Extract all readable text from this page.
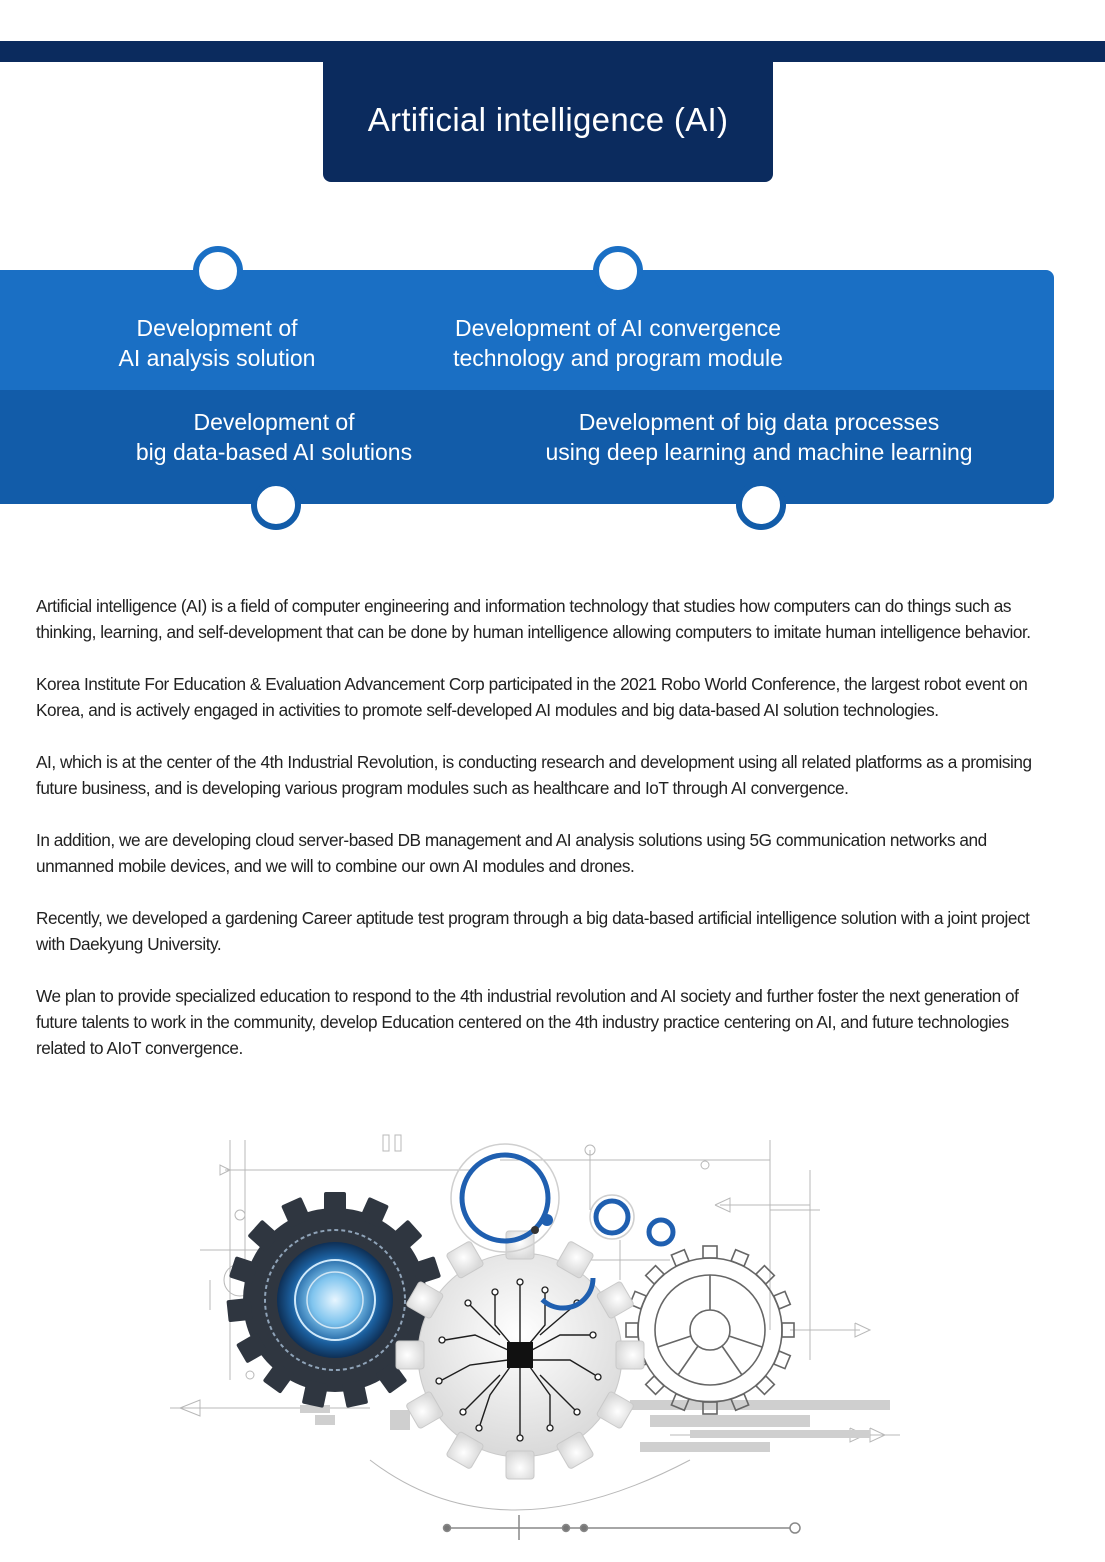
Artificial intelligence (AI)
Development of
AI analysis solution
Development of AI convergence
technology and program module
Development of
big data-based AI solutions
Development of big data processes
using deep learning and machine learning

Artificial intelligence (AI) is a field of computer engineering and information technology that studies how computers can do things such as thinking, learning, and self-development that can be done by human intelligence allowing computers to imitate human intelligence behavior.

Korea Institute For Education & Evaluation Advancement Corp participated in the 2021 Robo World Conference, the largest robot event on Korea, and is actively engaged in activities to promote self-developed AI modules and big data-based AI solution technologies.

AI, which is at the center of the 4th Industrial Revolution, is conducting research and development using all related platforms as a promising future business, and is developing various program modules such as healthcare and IoT through AI convergence.

In addition, we are developing cloud server-based DB management and AI analysis solutions using 5G communication networks and unmanned mobile devices, and we will to combine our own AI modules and drones.

Recently, we developed a gardening Career aptitude test program through a big data-based artificial intelligence solution with a joint project with Daekyung University.

We plan to provide specialized education to respond to the 4th industrial revolution and AI society and further foster the next generation of future talents to work in the community, develop Education centered on the 4th industry practice centering on AI, and future technologies related to AIoT convergence.
